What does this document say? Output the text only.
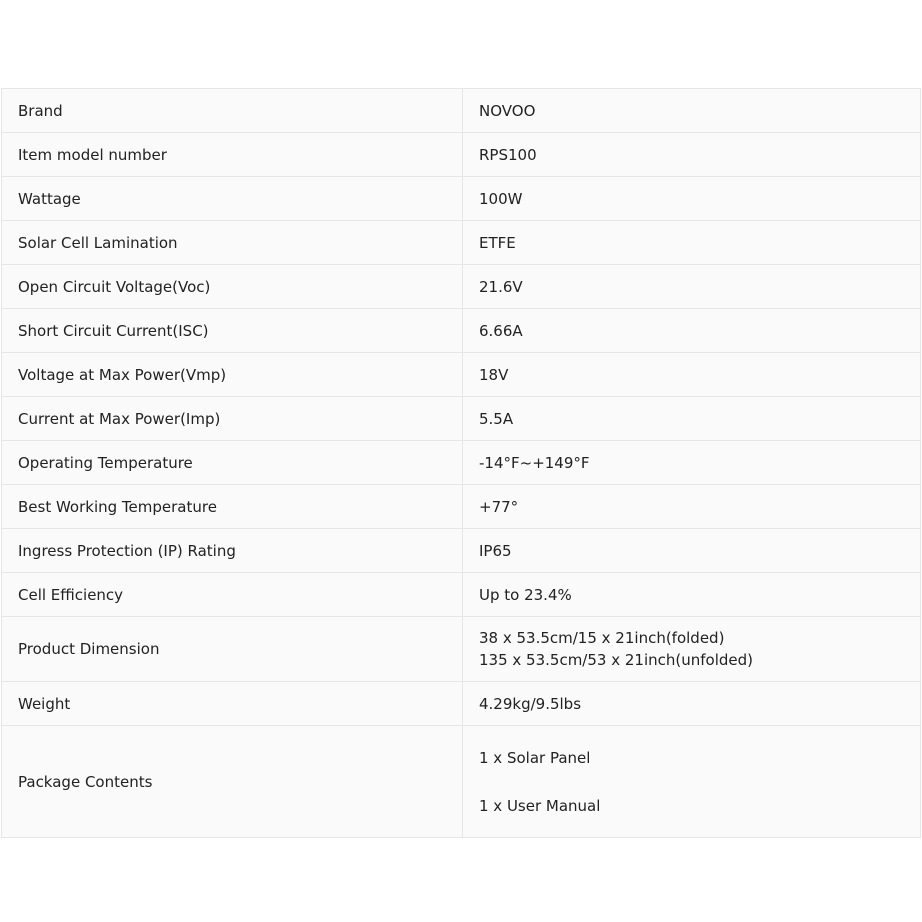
Brand	NOVOO
Item model number	RPS100
Wattage	100W
Solar Cell Lamination	ETFE
Open Circuit Voltage(Voc)	21.6V
Short Circuit Current(ISC)	6.66A
Voltage at Max Power(Vmp)	18V
Current at Max Power(Imp)	5.5A
Operating Temperature	-14°F~+149°F
Best Working Temperature	+77°
Ingress Protection (IP) Rating	IP65
Cell Efficiency	Up to 23.4%
Product Dimension	38 x 53.5cm/15 x 21inch(folded)
135 x 53.5cm/53 x 21inch(unfolded)

Weight	4.29kg/9.5lbs
Package Contents	1 x Solar Panel
1 x User Manual
